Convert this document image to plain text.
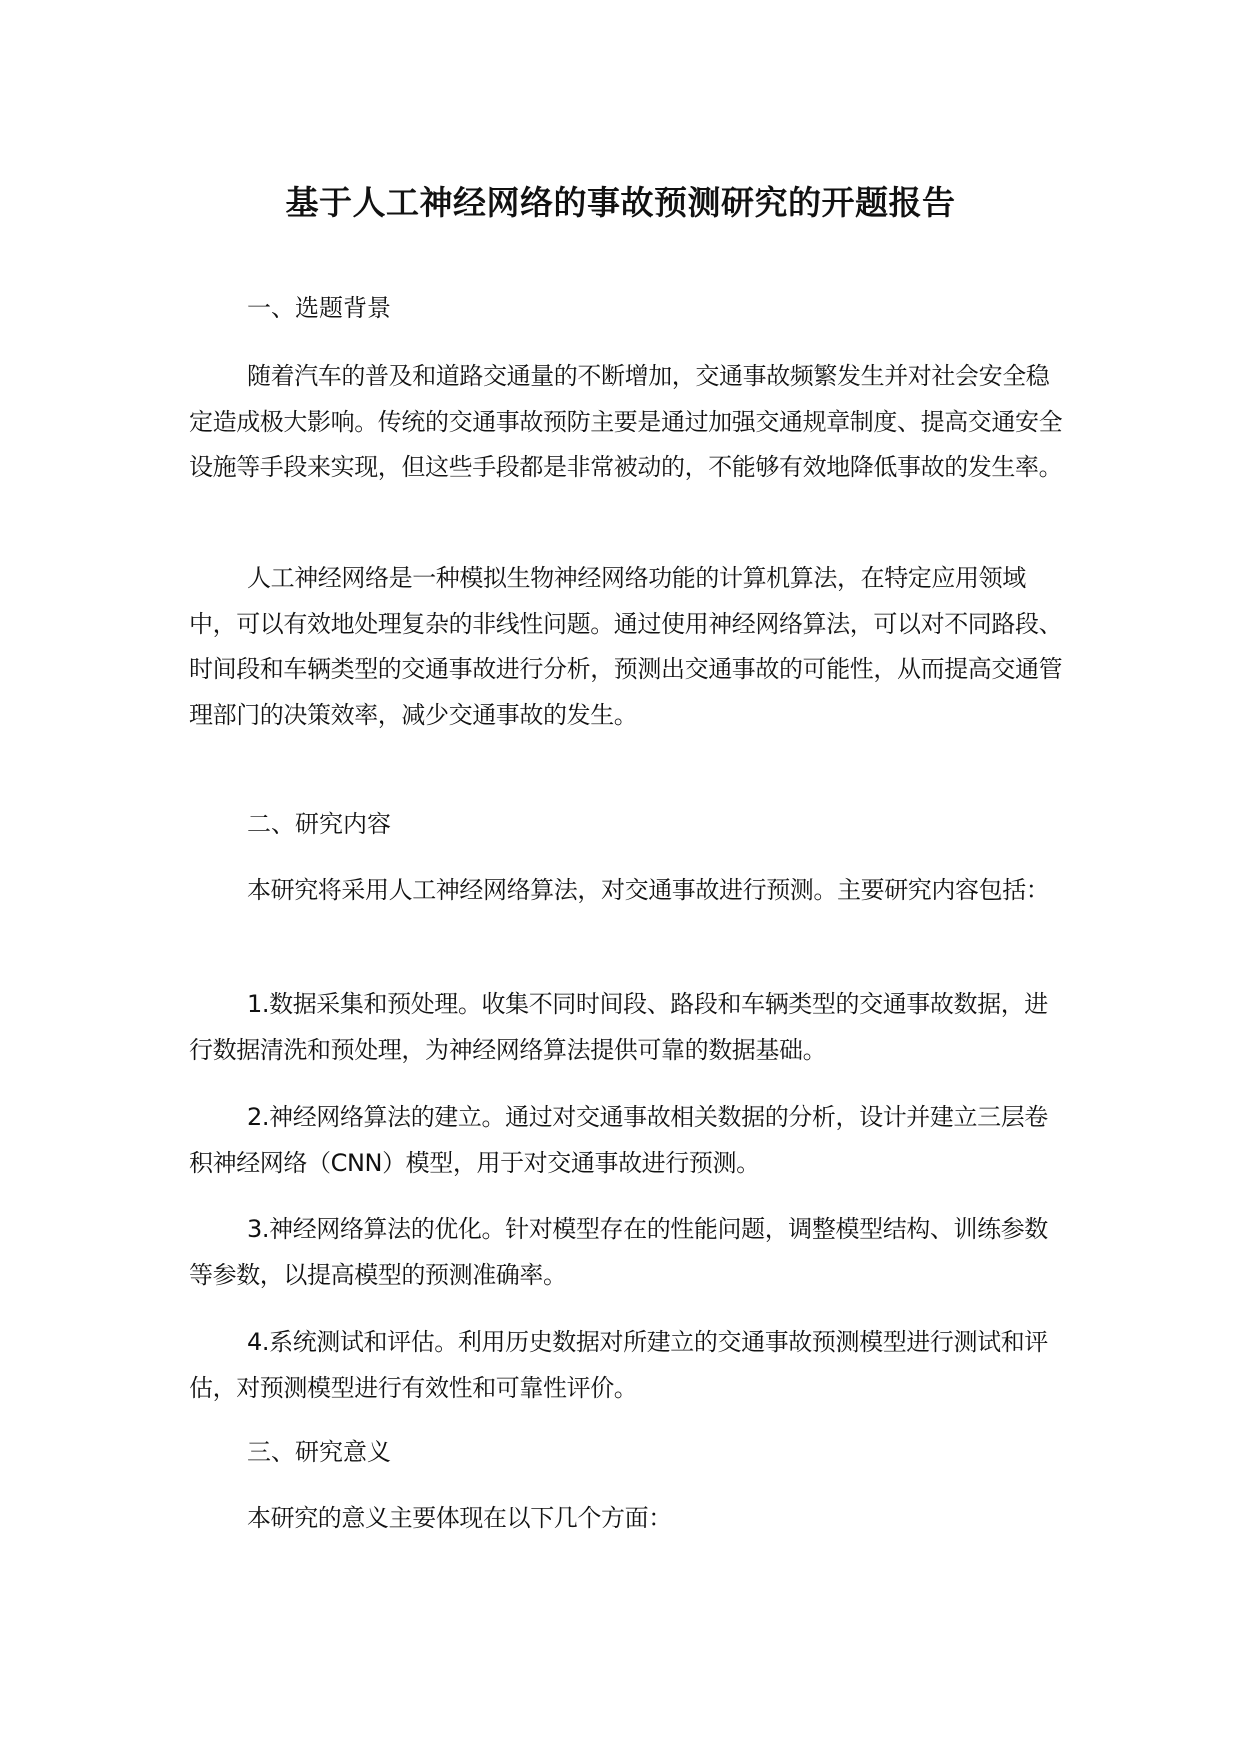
基于人工神经网络的事故预测研究的开题报告

一、选题背景

随着汽车的普及和道路交通量的不断增加，交通事故频繁发生并对社会安全稳定造成极大影响。传统的交通事故预防主要是通过加强交通规章制度、提高交通安全设施等手段来实现，但这些手段都是非常被动的，不能够有效地降低事故的发生率。

人工神经网络是一种模拟生物神经网络功能的计算机算法，在特定应用领域中，可以有效地处理复杂的非线性问题。通过使用神经网络算法，可以对不同路段、时间段和车辆类型的交通事故进行分析，预测出交通事故的可能性，从而提高交通管理部门的决策效率，减少交通事故的发生。

二、研究内容

本研究将采用人工神经网络算法，对交通事故进行预测。主要研究内容包括：

1.数据采集和预处理。收集不同时间段、路段和车辆类型的交通事故数据，进行数据清洗和预处理，为神经网络算法提供可靠的数据基础。

2.神经网络算法的建立。通过对交通事故相关数据的分析，设计并建立三层卷积神经网络（CNN）模型，用于对交通事故进行预测。

3.神经网络算法的优化。针对模型存在的性能问题，调整模型结构、训练参数等参数，以提高模型的预测准确率。

4.系统测试和评估。利用历史数据对所建立的交通事故预测模型进行测试和评估，对预测模型进行有效性和可靠性评价。

三、研究意义

本研究的意义主要体现在以下几个方面：
